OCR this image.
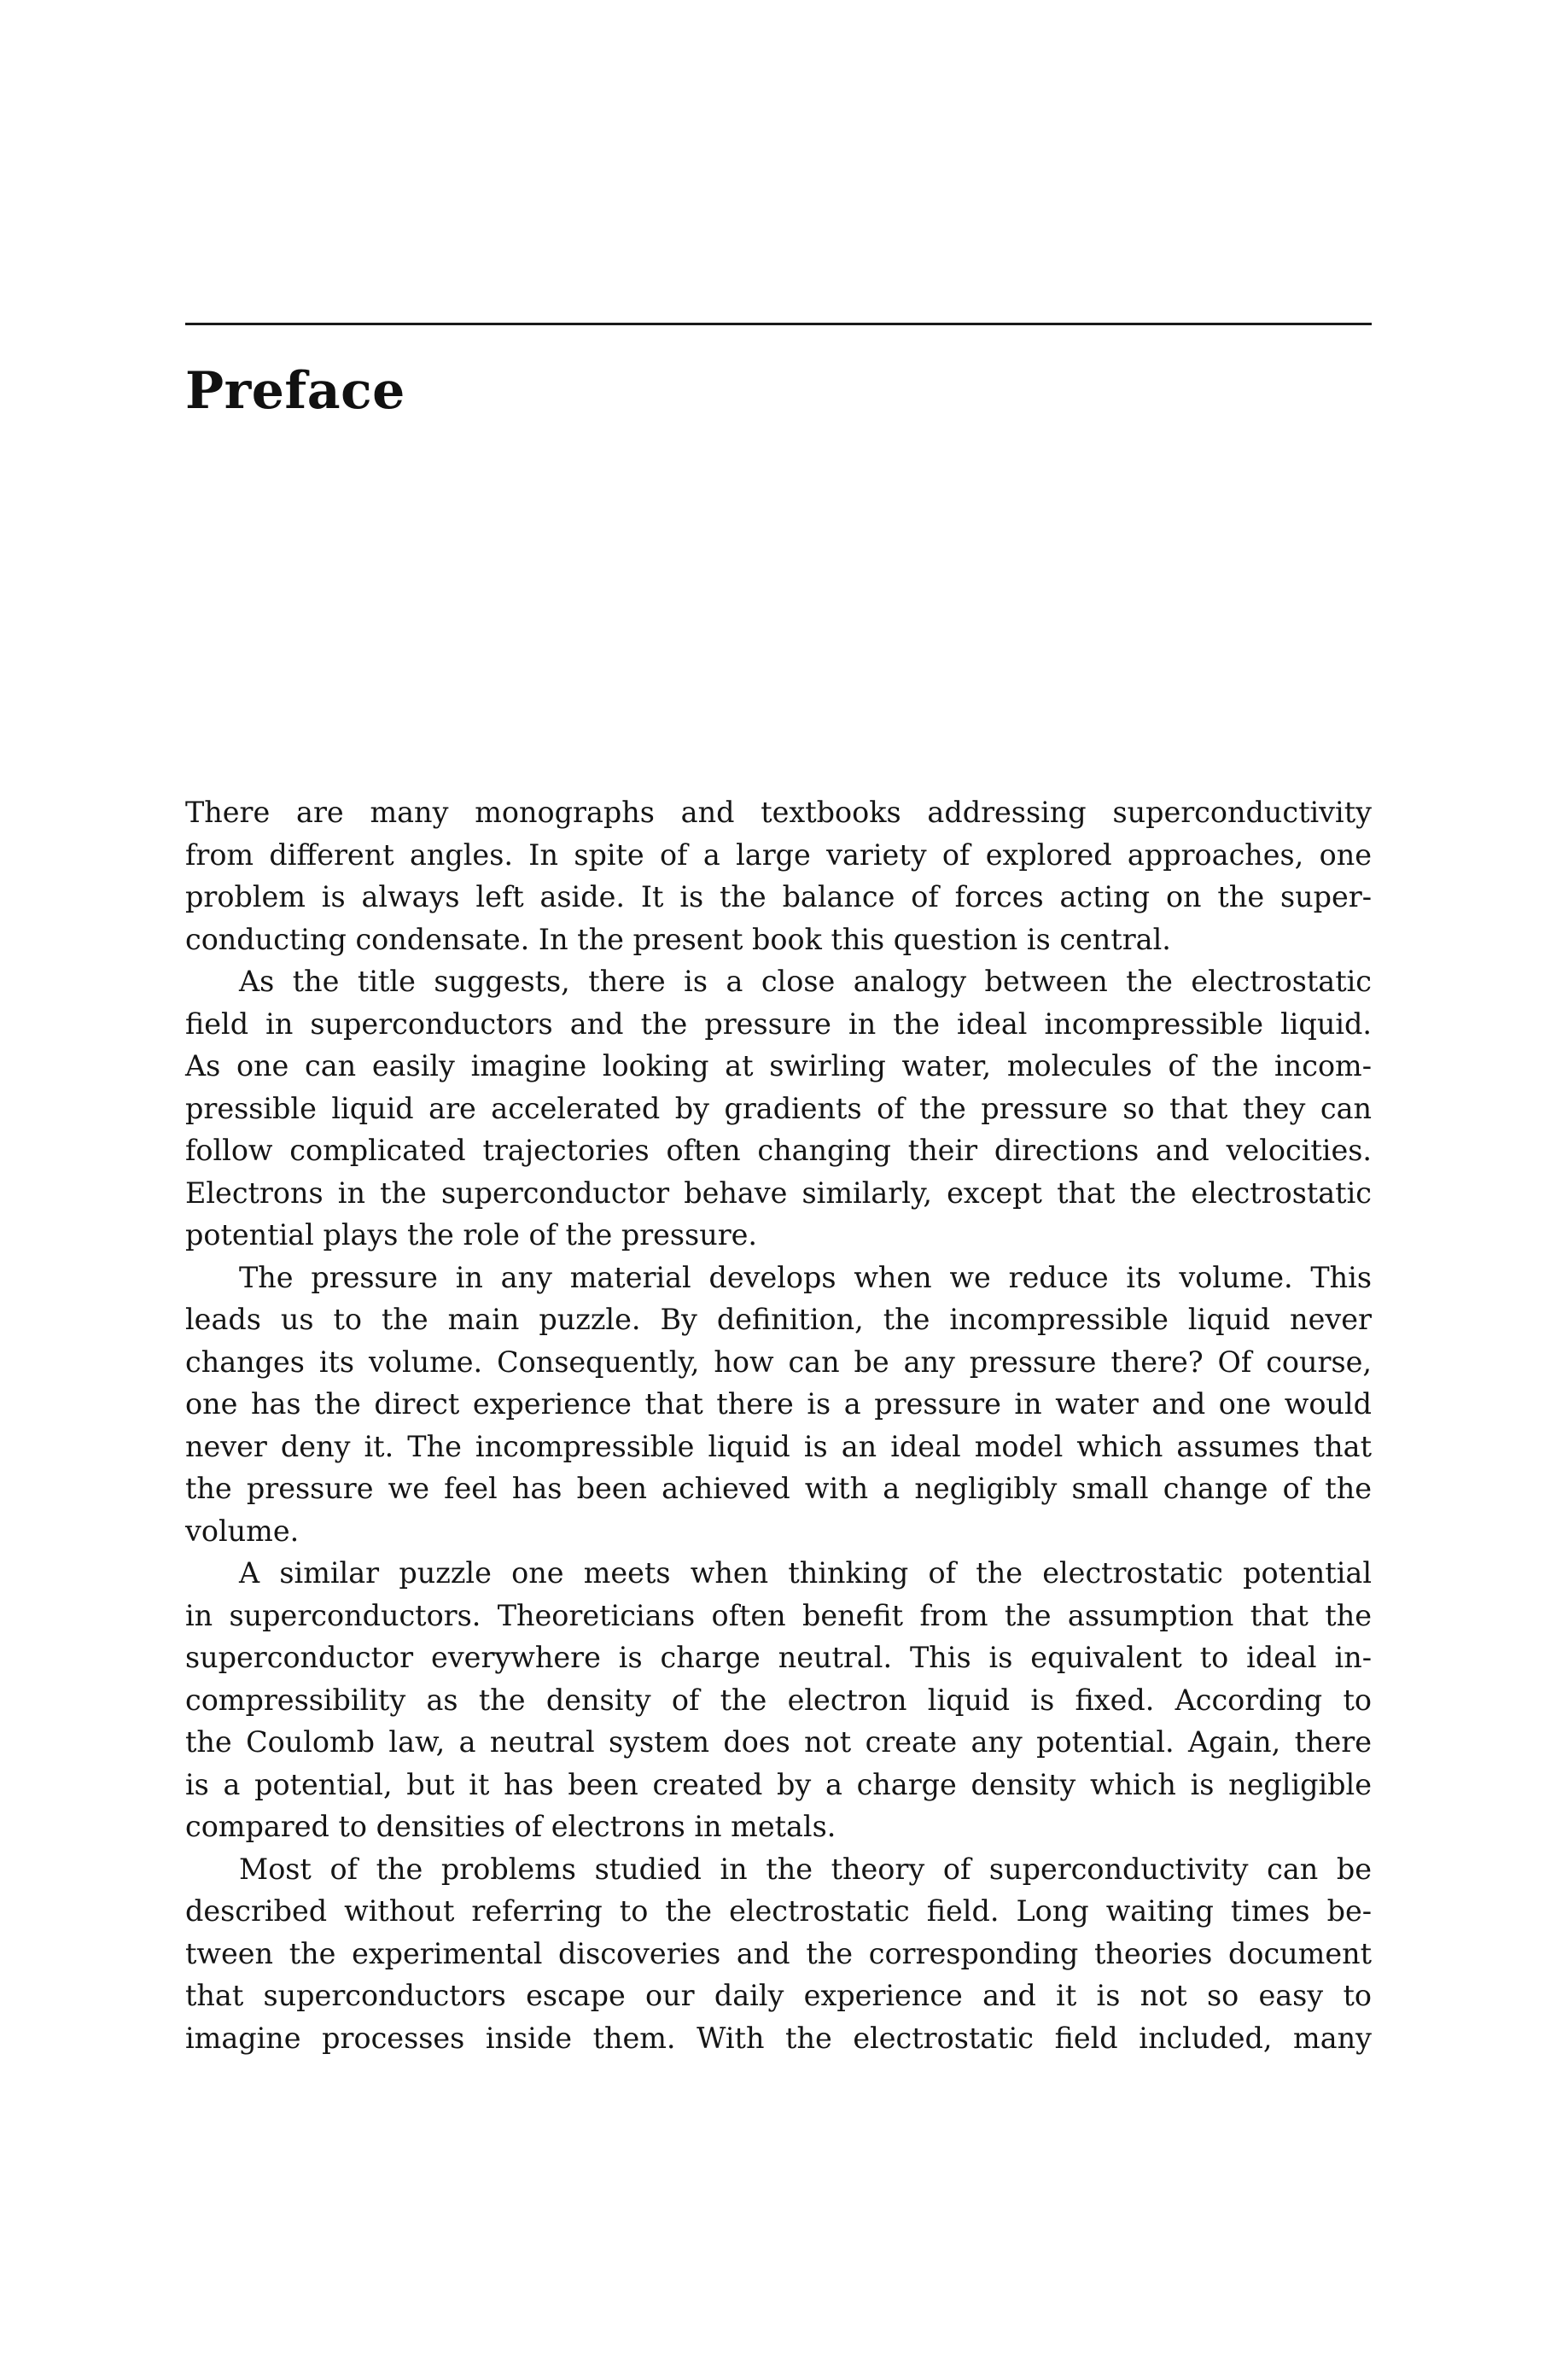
Preface
There are many monographs and textbooks addressing superconductivity
from different angles. In spite of a large variety of explored approaches, one
problem is always left aside. It is the balance of forces acting on the super-
conducting condensate. In the present book this question is central.
As the title suggests, there is a close analogy between the electrostatic
field in superconductors and the pressure in the ideal incompressible liquid.
As one can easily imagine looking at swirling water, molecules of the incom-
pressible liquid are accelerated by gradients of the pressure so that they can
follow complicated trajectories often changing their directions and velocities.
Electrons in the superconductor behave similarly, except that the electrostatic
potential plays the role of the pressure.
The pressure in any material develops when we reduce its volume. This
leads us to the main puzzle. By definition, the incompressible liquid never
changes its volume. Consequently, how can be any pressure there? Of course,
one has the direct experience that there is a pressure in water and one would
never deny it. The incompressible liquid is an ideal model which assumes that
the pressure we feel has been achieved with a negligibly small change of the
volume.
A similar puzzle one meets when thinking of the electrostatic potential
in superconductors. Theoreticians often benefit from the assumption that the
superconductor everywhere is charge neutral. This is equivalent to ideal in-
compressibility as the density of the electron liquid is fixed. According to
the Coulomb law, a neutral system does not create any potential. Again, there
is a potential, but it has been created by a charge density which is negligible
compared to densities of electrons in metals.
Most of the problems studied in the theory of superconductivity can be
described without referring to the electrostatic field. Long waiting times be-
tween the experimental discoveries and the corresponding theories document
that superconductors escape our daily experience and it is not so easy to
imagine processes inside them. With the electrostatic field included, many
